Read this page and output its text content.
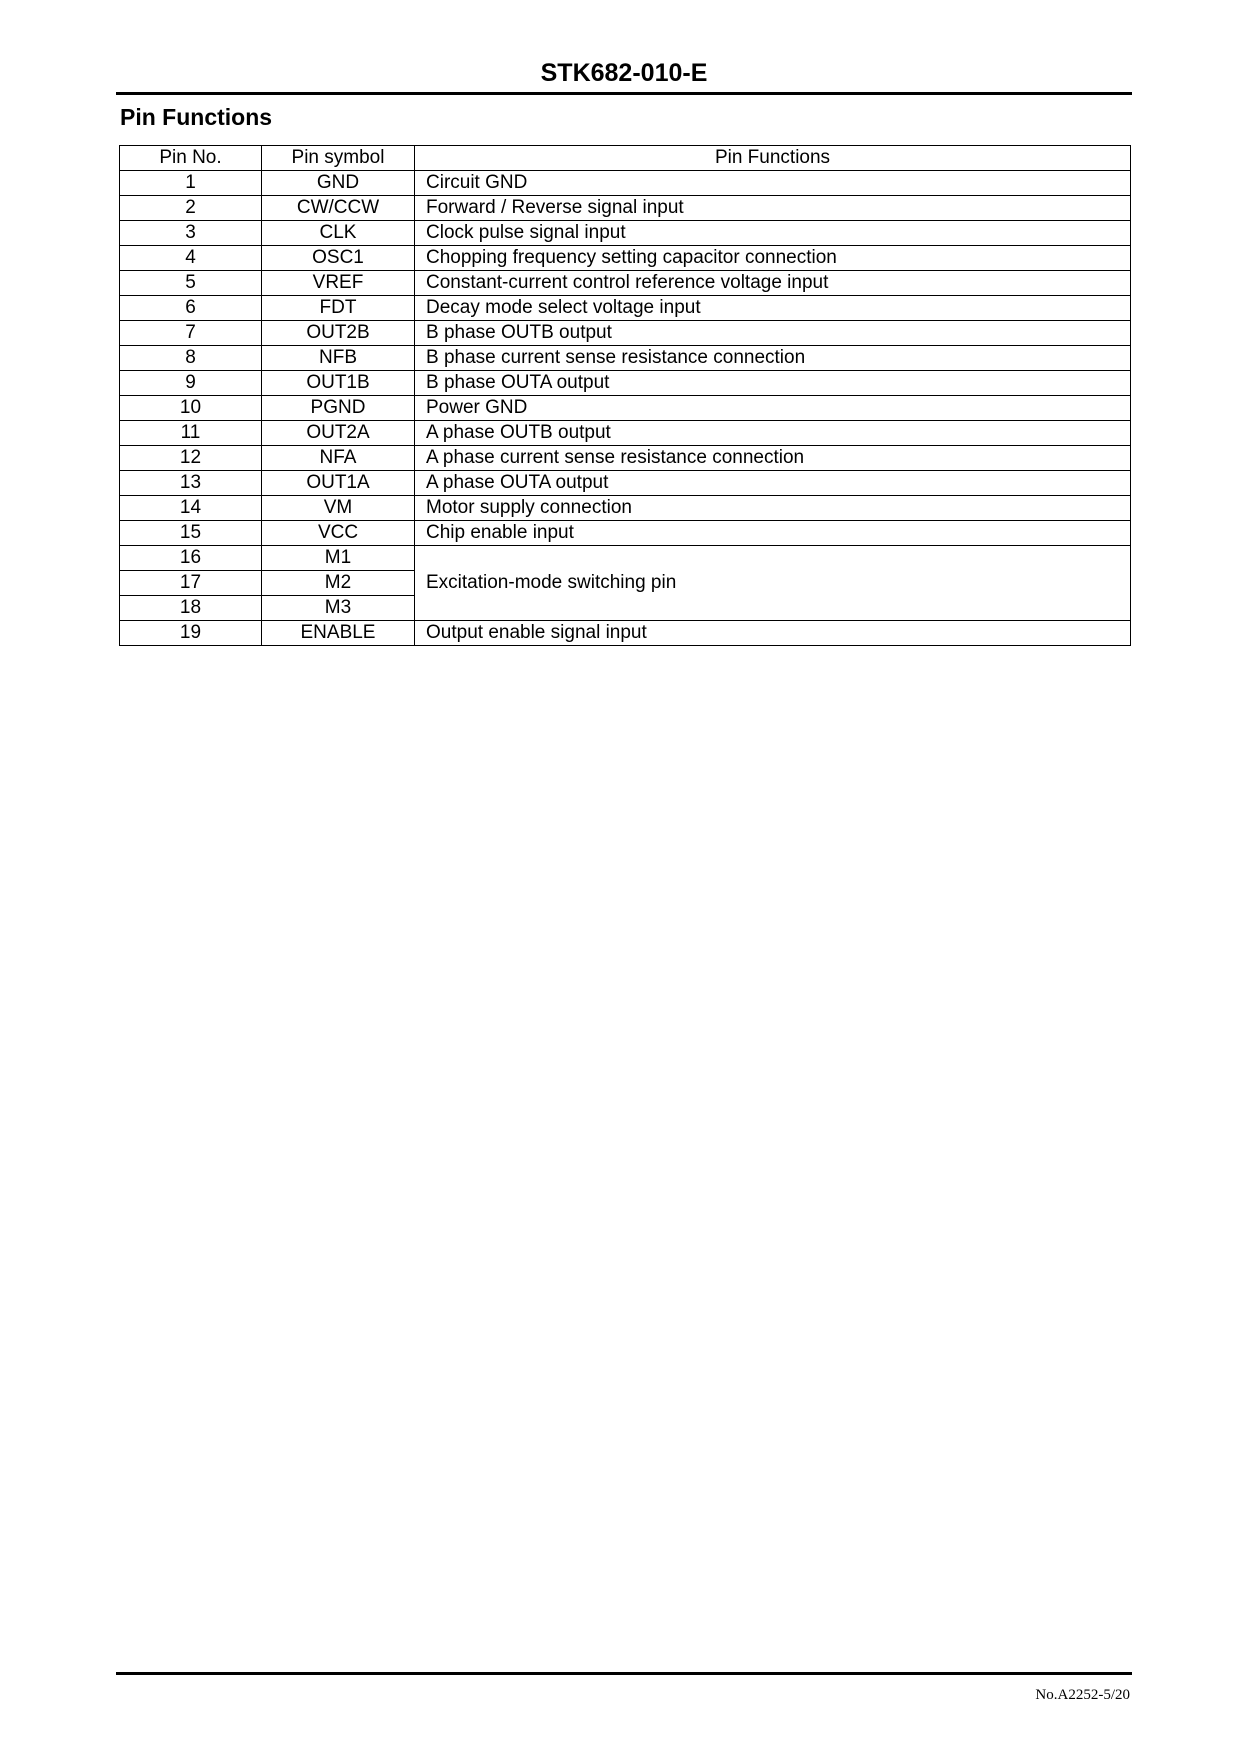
STK682-010-E
Pin Functions
Pin No.	Pin symbol	Pin Functions
1	GND	Circuit GND
2	CW/CCW	Forward / Reverse signal input
3	CLK	Clock pulse signal input
4	OSC1	Chopping frequency setting capacitor connection
5	VREF	Constant-current control reference voltage input
6	FDT	Decay mode select voltage input
7	OUT2B	B phase OUTB output
8	NFB	B phase current sense resistance connection
9	OUT1B	B phase OUTA output
10	PGND	Power GND
11	OUT2A	A phase OUTB output
12	NFA	A phase current sense resistance connection
13	OUT1A	A phase OUTA output
14	VM	Motor supply connection
15	VCC	Chip enable input
16	M1	Excitation-mode switching pin
17	M2	
18	M3	
19	ENABLE	Output enable signal input
No.A2252-5/20
